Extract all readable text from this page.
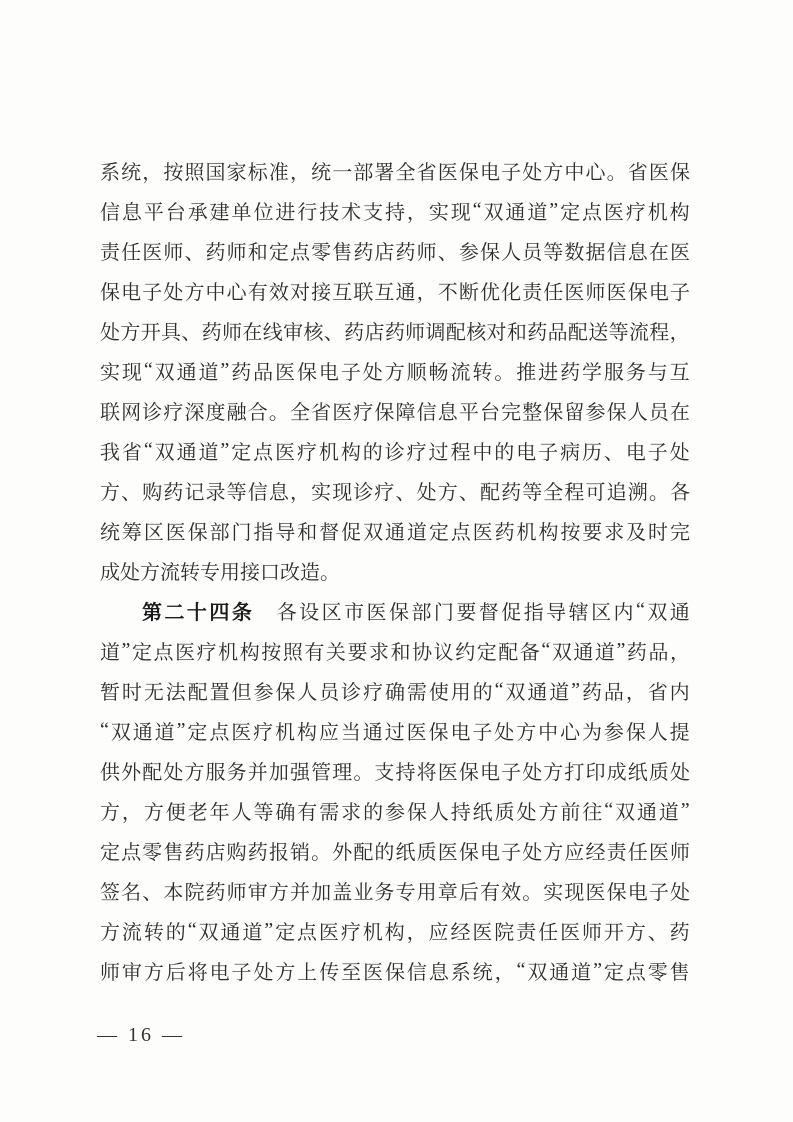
系 统 ， 按 照 国 家 标 准 ， 统 一 部 署 全 省 医 保 电 子 处 方 中 心 。 省 医 保
信 息 平 台 承 建 单 位 进 行 技 术 支 持 ， 实 现 “ 双 通 道 ” 定 点 医 疗 机 构
责 任 医 师 、 药 师 和 定 点 零 售 药 店 药 师 、 参 保 人 员 等 数 据 信 息 在 医
保 电 子 处 方 中 心 有 效 对 接 互 联 互 通 ， 不 断 优 化 责 任 医 师 医 保 电 子
处 方 开 具 、 药 师 在 线 审 核 、 药 店 药 师 调 配 核 对 和 药 品 配 送 等 流 程 ，
实 现 “ 双 通 道 ” 药 品 医 保 电 子 处 方 顺 畅 流 转 。 推 进 药 学 服 务 与 互
联 网 诊 疗 深 度 融 合 。 全 省 医 疗 保 障 信 息 平 台 完 整 保 留 参 保 人 员 在
我 省 “ 双 通 道 ” 定 点 医 疗 机 构 的 诊 疗 过 程 中 的 电 子 病 历 、 电 子 处
方 、 购 药 记 录 等 信 息 ， 实 现 诊 疗 、 处 方 、 配 药 等 全 程 可 追 溯 。 各
统 筹 区 医 保 部 门 指 导 和 督 促 双 通 道 定 点 医 药 机 构 按 要 求 及 时 完
成 处 方 流 转 专 用 接 口 改 造 。
第 二 十 四 条
　 各 设 区 市 医 保 部 门 要 督 促 指 导 辖 区 内 “ 双 通
道 ” 定 点 医 疗 机 构 按 照 有 关 要 求 和 协 议 约 定 配 备 “ 双 通 道 ” 药 品 ，
暂 时 无 法 配 置 但 参 保 人 员 诊 疗 确 需 使 用 的 “ 双 通 道 ” 药 品 ， 省 内
“ 双 通 道 ” 定 点 医 疗 机 构 应 当 通 过 医 保 电 子 处 方 中 心 为 参 保 人 提
供 外 配 处 方 服 务 并 加 强 管 理 。 支 持 将 医 保 电 子 处 方 打 印 成 纸 质 处
方 ， 方 便 老 年 人 等 确 有 需 求 的 参 保 人 持 纸 质 处 方 前 往 “ 双 通 道 ”
定 点 零 售 药 店 购 药 报 销 。 外 配 的 纸 质 医 保 电 子 处 方 应 经 责 任 医 师
签 名 、 本 院 药 师 审 方 并 加 盖 业 务 专 用 章 后 有 效 。 实 现 医 保 电 子 处
方 流 转 的 “ 双 通 道 ” 定 点 医 疗 机 构 ， 应 经 医 院 责 任 医 师 开 方 、 药
师 审 方 后 将 电 子 处 方 上 传 至 医 保 信 息 系 统 ， “ 双 通 道 ” 定 点 零 售
— 16 —
